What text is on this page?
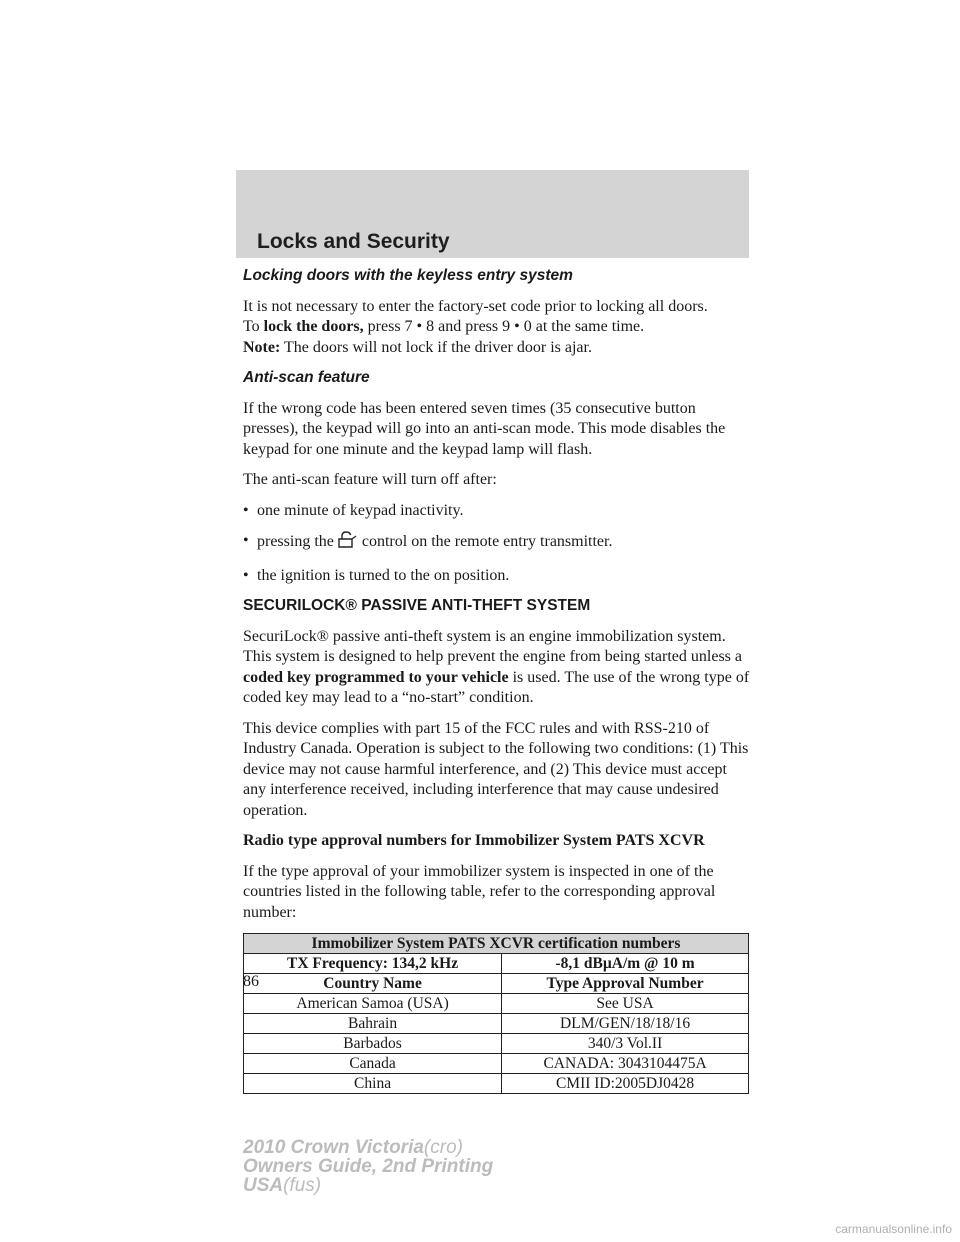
Locks and Security
Locking doors with the keyless entry system
It is not necessary to enter the factory-set code prior to locking all doors.
To lock the doors, press 7 • 8 and press 9 • 0 at the same time.
Note: The doors will not lock if the driver door is ajar.
Anti-scan feature

If the wrong code has been entered seven times (35 consecutive button presses), the keypad will go into an anti-scan mode. This mode disables the keypad for one minute and the keypad lamp will flash.

The anti-scan feature will turn off after:

• one minute of keypad inactivity.
• pressing the control on the remote entry transmitter.
• the ignition is turned to the on position.
SECURILOCK® PASSIVE ANTI-THEFT SYSTEM

SecuriLock® passive anti-theft system is an engine immobilization system. This system is designed to help prevent the engine from being started unless a coded key programmed to your vehicle is used. The use of the wrong type of coded key may lead to a “no-start” condition.

This device complies with part 15 of the FCC rules and with RSS-210 of Industry Canada. Operation is subject to the following two conditions: (1) This device may not cause harmful interference, and (2) This device must accept any interference received, including interference that may cause undesired operation.

Radio type approval numbers for Immobilizer System PATS XCVR

If the type approval of your immobilizer system is inspected in one of the countries listed in the following table, refer to the corresponding approval number:

Immobilizer System PATS XCVR certification numbers	
TX Frequency: 134,2 kHz	-8,1 dBµA/m @ 10 m
Country Name	Type Approval Number
American Samoa (USA)	See USA
Bahrain	DLM/GEN/18/18/16
Barbados	340/3 Vol.II
Canada	CANADA: 3043104475A
China	CMII ID:2005DJ0428
86
2010 Crown Victoria(cro)
Owners Guide, 2nd Printing
USA(fus)
carmanualsonline.info
